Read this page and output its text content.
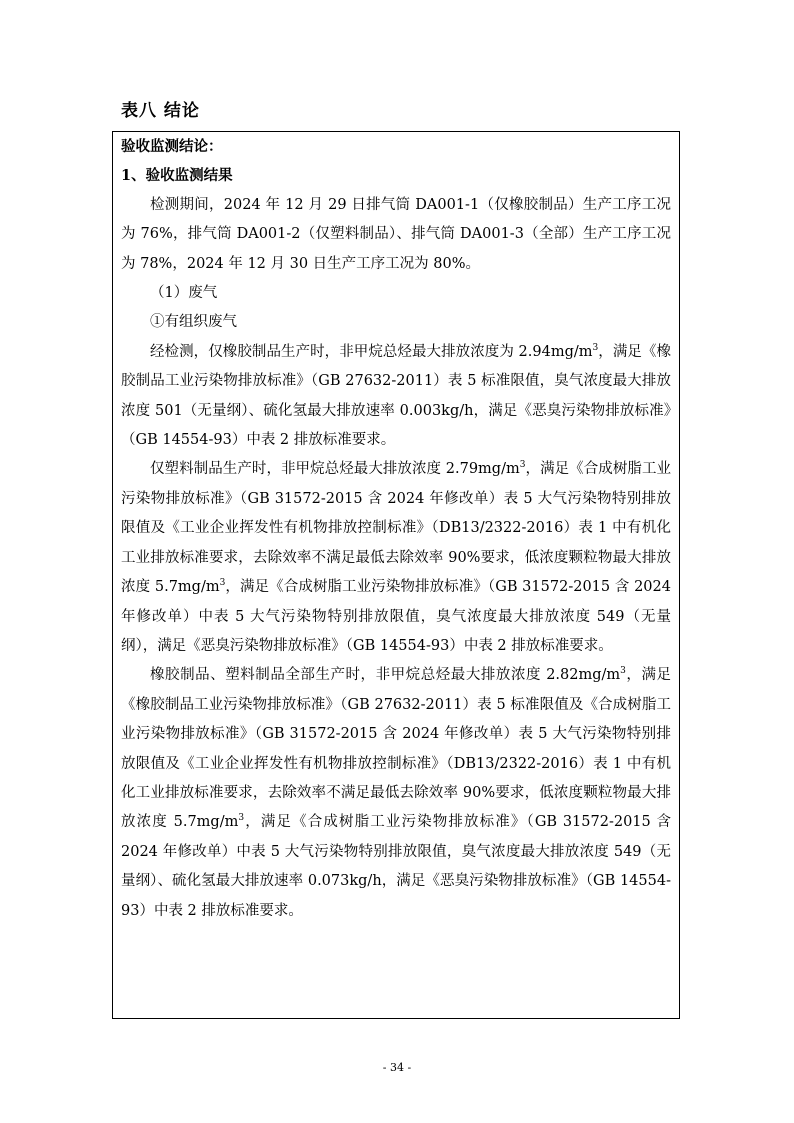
表八 结论

验收监测结论：

1、验收监测结果

检测期间，2024 年 12 月 29 日排气筒 DA001-1（仅橡胶制品）生产工序工况为 76%，排气筒 DA001-2（仅塑料制品）、排气筒 DA001-3（全部）生产工序工况为 78%，2024 年 12 月 30 日生产工序工况为 80%。

（1）废气

①有组织废气

经检测，仅橡胶制品生产时，非甲烷总烃最大排放浓度为 $2.94mg/m^3$，满足《橡胶制品工业污染物排放标准》（GB 27632-2011）表 5 标准限值，臭气浓度最大排放浓度 501（无量纲）、硫化氢最大排放速率 0.003kg/h，满足《恶臭污染物排放标准》（GB 14554-93）中表 2 排放标准要求。

仅塑料制品生产时，非甲烷总烃最大排放浓度 $2.79mg/m^3$，满足《合成树脂工业污染物排放标准》（GB 31572-2015 含 2024 年修改单）表 5 大气污染物特别排放限值及《工业企业挥发性有机物排放控制标准》（DB13/2322-2016）表 1 中有机化工业排放标准要求，去除效率不满足最低去除效率 90%要求，低浓度颗粒物最大排放浓度 $5.7mg/m^3$，满足《合成树脂工业污染物排放标准》（GB 31572-2015 含 2024 年修改单）中表 5 大气污染物特别排放限值，臭气浓度最大排放浓度 549（无量纲），满足《恶臭污染物排放标准》（GB 14554-93）中表 2 排放标准要求。

橡胶制品、塑料制品全部生产时，非甲烷总烃最大排放浓度 $2.82mg/m^3$，满足《橡胶制品工业污染物排放标准》（GB 27632-2011）表 5 标准限值及《合成树脂工业污染物排放标准》（GB 31572-2015 含 2024 年修改单）表 5 大气污染物特别排放限值及《工业企业挥发性有机物排放控制标准》（DB13/2322-2016）表 1 中有机化工业排放标准要求，去除效率不满足最低去除效率 90%要求，低浓度颗粒物最大排放浓度 $5.7mg/m^3$，满足《合成树脂工业污染物排放标准》（GB 31572-2015 含 2024 年修改单）中表 5 大气污染物特别排放限值，臭气浓度最大排放浓度 549（无量纲）、硫化氢最大排放速率 0.073kg/h，满足《恶臭污染物排放标准》（GB 14554-93）中表 2 排放标准要求。

- 34 -
